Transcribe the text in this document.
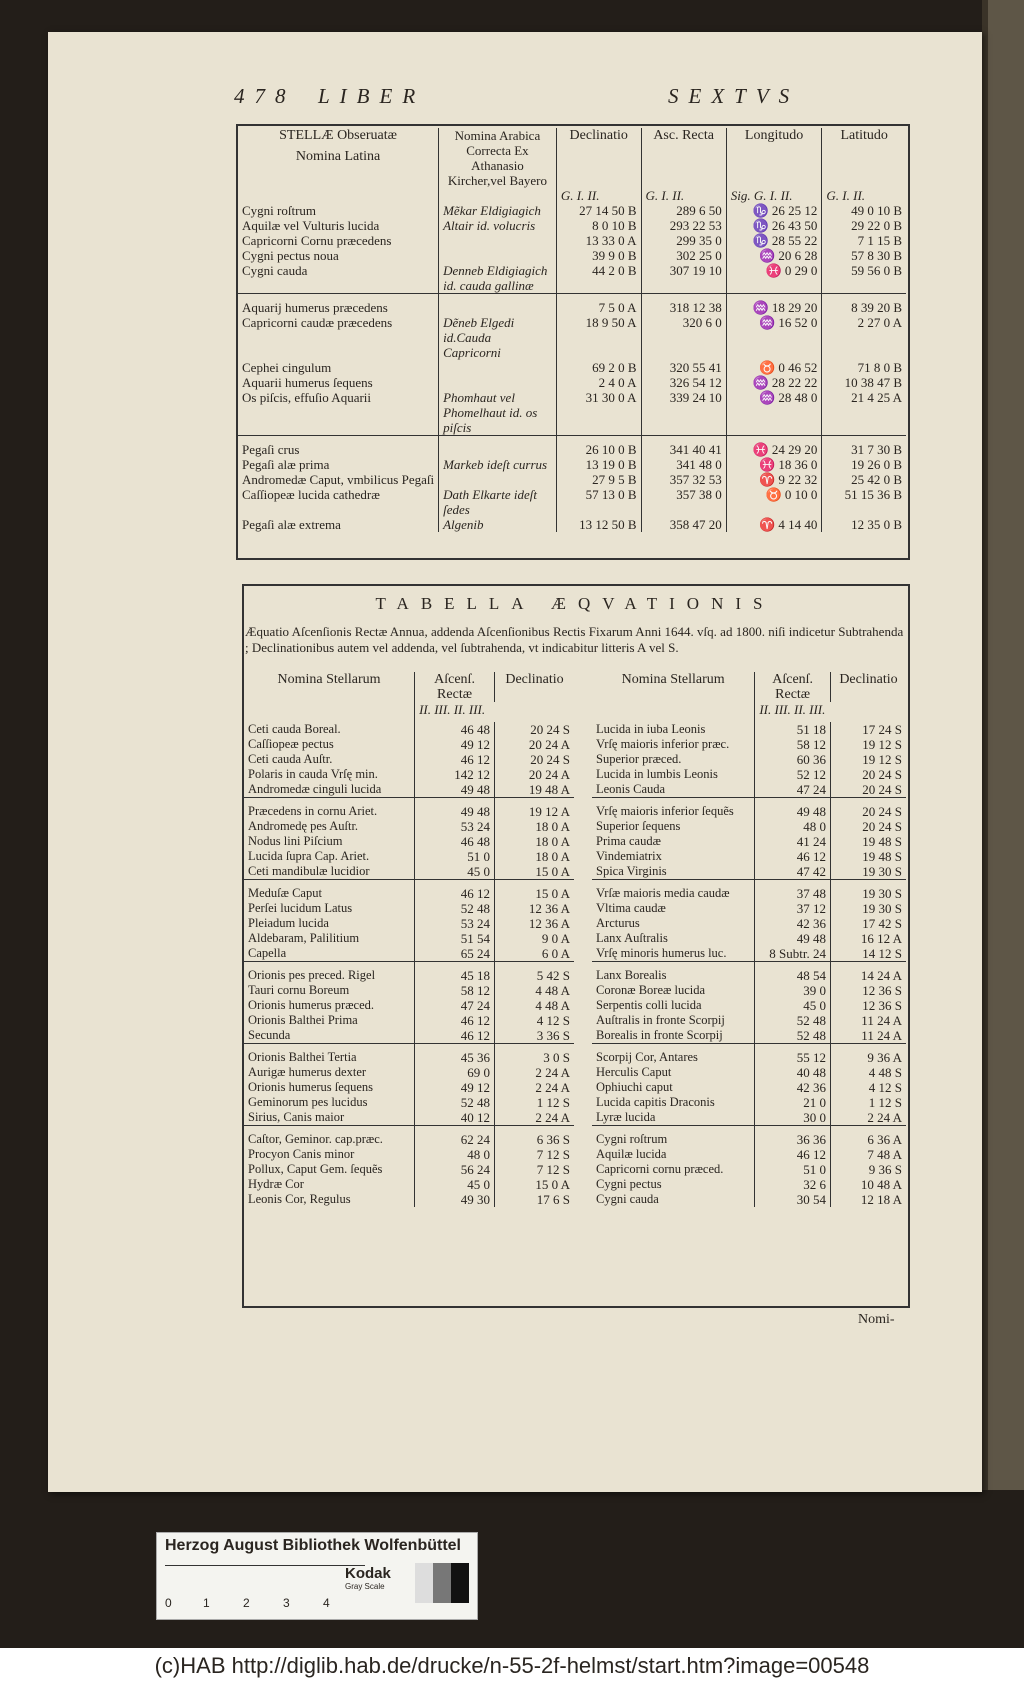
478 LIBER	SEXTVS
STELLÆ Obseruatæ
Nomina Latina	Nomina Arabica Correcta Ex Athanasio Kircher,vel Bayero	Declinatio	Asc. Recta	Longitudo	Latitudo
		G. I. II.	G. I. II.	Sig. G. I. II.	G. I. II.
Cygni roſtrum	Mẽkar Eldigiagich	27 14 50 B	289 6 50	♑ 26 25 12	49 0 10 B
Aquilæ vel Vulturis lucida	Altair id. volucris	8 0 10 B	293 22 53	♑ 26 43 50	29 22 0 B
Capricorni Cornu præcedens		13 33 0 A	299 35 0	♑ 28 55 22	7 1 15 B
Cygni pectus noua		39 9 0 B	302 25 0	♒ 20 6 28	57 8 30 B
Cygni cauda	Denneb Eldigiagich id. cauda gallinæ	44 2 0 B	307 19 10	♓ 0 29 0	59 56 0 B

Aquarij humerus præcedens		7 5 0 A	318 12 38	♒ 18 29 20	8 39 20 B
Capricorni caudæ præcedens	Dẽneb Elgedi id.Cauda Capricorni	18 9 50 A	320 6 0	♒ 16 52 0	2 27 0 A
Cephei cingulum		69 2 0 B	320 55 41	♉ 0 46 52	71 8 0 B
Aquarii humerus ſequens		2 4 0 A	326 54 12	♒ 28 22 22	10 38 47 B
Os piſcis, effuſio Aquarii	Phomhaut vel Phomelhaut id. os piſcis	31 30 0 A	339 24 10	♒ 28 48 0	21 4 25 A

Pegaſi crus		26 10 0 B	341 40 41	♓ 24 29 20	31 7 30 B
Pegaſi alæ prima	Markeb ideſt currus	13 19 0 B	341 48 0	♓ 18 36 0	19 26 0 B
Andromedæ Caput, vmbilicus Pegaſi		27 9 5 B	357 32 53	♈ 9 22 32	25 42 0 B
Caſſiopeæ lucida cathedræ	Dath Elkarte ideſt ſedes	57 13 0 B	357 38 0	♉ 0 10 0	51 15 36 B
Pegaſi alæ extrema	Algenib	13 12 50 B	358 47 20	♈ 4 14 40	12 35 0 B
TABELLA ÆQVATIONIS
Æquatio Aſcenſionis Rectæ Annua, addenda Aſcenſionibus Rectis Fixarum Anni 1644. vſq. ad 1800. niſi indicetur Subtrahenda ; Declinationibus autem vel addenda, vel ſubtrahenda, vt indicabitur litteris A vel S.
Nomina Stellarum	Aſcenſ. Rectæ	Declinatio
	II. III. II. III.	
Ceti cauda Boreal.	46 48	20 24 S
Caſſiopeæ pectus	49 12	20 24 A
Ceti cauda Auſtr.	46 12	20 24 S
Polaris in cauda Vrſę min.	142 12	20 24 A
Andromedæ cinguli lucida	49 48	19 48 A

Præcedens in cornu Ariet.	49 48	19 12 A
Andromedę pes Auſtr.	53 24	18 0 A
Nodus lini Piſcium	46 48	18 0 A
Lucida ſupra Cap. Ariet.	51 0	18 0 A
Ceti mandibulæ lucidior	45 0	15 0 A

Meduſæ Caput	46 12	15 0 A
Perſei lucidum Latus	52 48	12 36 A
Pleiadum lucida	53 24	12 36 A
Aldebaram, Palilitium	51 54	9 0 A
Capella	65 24	6 0 A

Orionis pes preced. Rigel	45 18	5 42 S
Tauri cornu Boreum	58 12	4 48 A
Orionis humerus præced.	47 24	4 48 A
Orionis Balthei Prima	46 12	4 12 S
Secunda	46 12	3 36 S

Orionis Balthei Tertia	45 36	3 0 S
Aurigæ humerus dexter	69 0	2 24 A
Orionis humerus ſequens	49 12	2 24 A
Geminorum pes lucidus	52 48	1 12 S
Sirius, Canis maior	40 12	2 24 A

Caſtor, Geminor. cap.præc.	62 24	6 36 S
Procyon Canis minor	48 0	7 12 S
Pollux, Caput Gem. ſequẽs	56 24	7 12 S
Hydræ Cor	45 0	15 0 A
Leonis Cor, Regulus	49 30	17 6 S
Nomina Stellarum	Aſcenſ. Rectæ	Declinatio
	II. III. II. III.	
Lucida in iuba Leonis	51 18	17 24 S
Vrſę maioris inferior præc.	58 12	19 12 S
Superior præced.	60 36	19 12 S
Lucida in lumbis Leonis	52 12	20 24 S
Leonis Cauda	47 24	20 24 S

Vrſę maioris inferior ſequẽs	49 48	20 24 S
Superior ſequens	48 0	20 24 S
Prima caudæ	41 24	19 48 S
Vindemiatrix	46 12	19 48 S
Spica Virginis	47 42	19 30 S

Vrſæ maioris media caudæ	37 48	19 30 S
Vltima caudæ	37 12	19 30 S
Arcturus	42 36	17 42 S
Lanx Auſtralis	49 48	16 12 A
Vrſę minoris humerus luc.	8 Subtr. 24	14 12 S

Lanx Borealis	48 54	14 24 A
Coronæ Boreæ lucida	39 0	12 36 S
Serpentis colli lucida	45 0	12 36 S
Auſtralis in fronte Scorpij	52 48	11 24 A
Borealis in fronte Scorpij	52 48	11 24 A

Scorpij Cor, Antares	55 12	9 36 A
Herculis Caput	40 48	4 48 S
Ophiuchi caput	42 36	4 12 S
Lucida capitis Draconis	21 0	1 12 S
Lyræ lucida	30 0	2 24 A

Cygni roſtrum	36 36	6 36 A
Aquilæ lucida	46 12	7 48 A
Capricorni cornu præced.	51 0	9 36 S
Cygni pectus	32 6	10 48 A
Cygni cauda	30 54	12 18 A
Nomi-
Herzog August Bibliothek Wolfenbüttel
0	1	2	3	4
Kodak
Gray Scale
(c)HAB http://diglib.hab.de/drucke/n-55-2f-helmst/start.htm?image=00548
